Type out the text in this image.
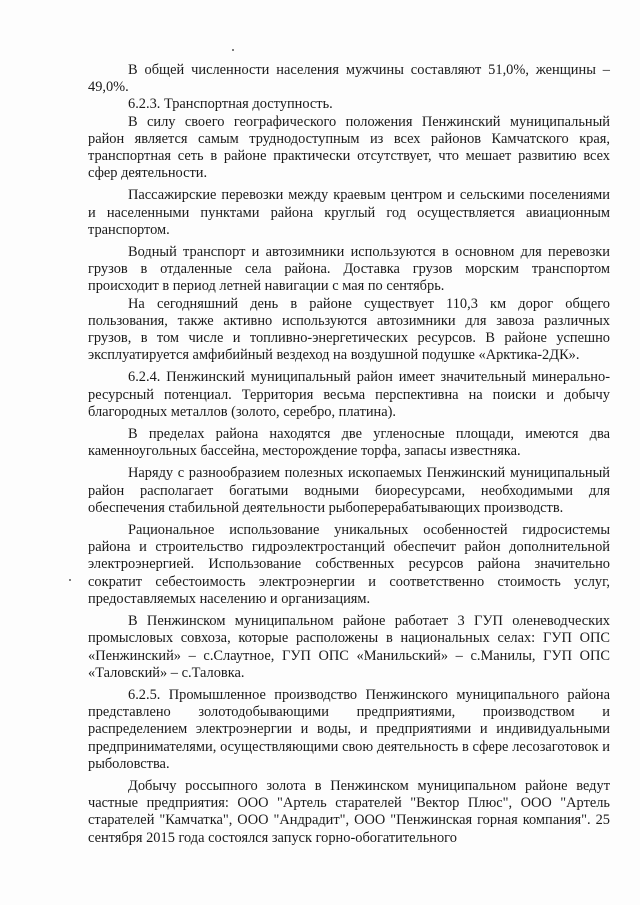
В общей численности населения мужчины составляют 51,0%, женщины – 49,0%.

6.2.3. Транспортная доступность.

В силу своего географического положения Пенжинский муниципальный район является самым труднодоступным из всех районов Камчатского края, транспортная сеть в районе практически отсутствует, что мешает развитию всех сфер деятельности.

Пассажирские перевозки между краевым центром и сельскими поселениями и населенными пунктами района круглый год осуществляется авиационным транспортом.

Водный транспорт и автозимники используются в основном для перевозки грузов в отдаленные села района. Доставка грузов морским транспортом происходит в период летней навигации с мая по сентябрь.

На сегодняшний день в районе существует 110,3 км дорог общего пользования, также активно используются автозимники для завоза различных грузов, в том числе и топливно-энергетических ресурсов. В районе успешно эксплуатируется амфибийный вездеход на воздушной подушке «Арктика-2ДК».

6.2.4. Пенжинский муниципальный район имеет значительный минерально-ресурсный потенциал. Территория весьма перспективна на поиски и добычу благородных металлов (золото, серебро, платина).

В пределах района находятся две угленосные площади, имеются два каменноугольных бассейна, месторождение торфа, запасы известняка.

Наряду с разнообразием полезных ископаемых Пенжинский муниципальный район располагает богатыми водными биоресурсами, необходимыми для обеспечения стабильной деятельности рыбоперерабатывающих производств.

Рациональное использование уникальных особенностей гидросистемы района и строительство гидроэлектростанций обеспечит район дополнительной электроэнергией. Использование собственных ресурсов района значительно сократит себестоимость электроэнергии и соответственно стоимость услуг, предоставляемых населению и организациям.

В Пенжинском муниципальном районе работает 3 ГУП оленеводческих промысловых совхоза, которые расположены в национальных селах: ГУП ОПС «Пенжинский» – с.Слаутное, ГУП ОПС «Манильский» – с.Манилы, ГУП ОПС «Таловский» – с.Таловка.

6.2.5. Промышленное производство Пенжинского муниципального района представлено золотодобывающими предприятиями, производством и распределением электроэнергии и воды, и предприятиями и индивидуальными предпринимателями, осуществляющими свою деятельность в сфере лесозаготовок и рыболовства.

Добычу россыпного золота в Пенжинском муниципальном районе ведут частные предприятия: ООО "Артель старателей "Вектор Плюс", ООО "Артель старателей "Камчатка", ООО "Андрадит", ООО "Пенжинская горная компания". 25 сентября 2015 года состоялся запуск горно-обогатительного
